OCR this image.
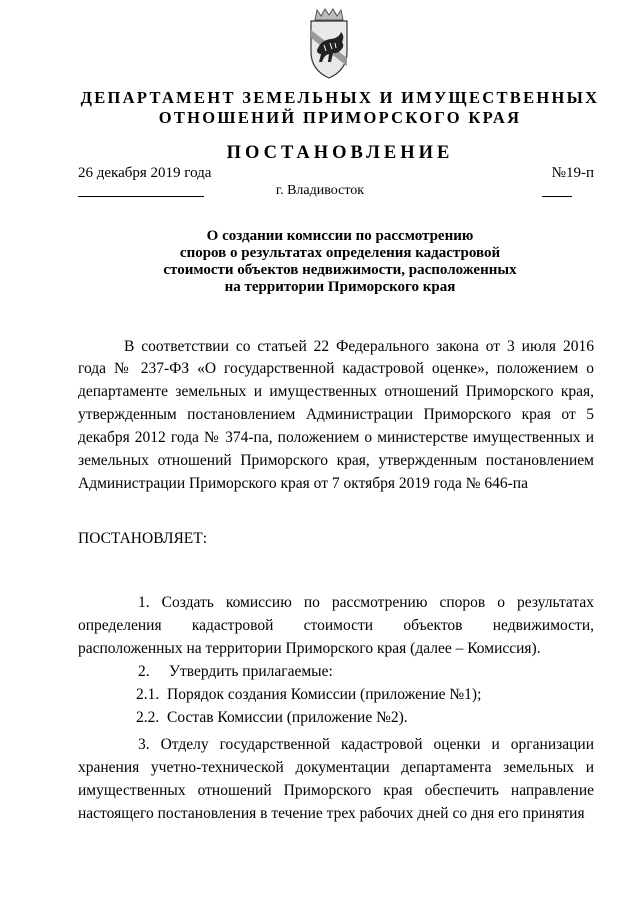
ДЕПАРТАМЕНТ ЗЕМЕЛЬНЫХ И ИМУЩЕСТВЕННЫХ
ОТНОШЕНИЙ ПРИМОРСКОГО КРАЯ
ПОСТАНОВЛЕНИЕ
26 декабря 2019 года	№19-п
г. Владивосток
О создании комиссии по рассмотрению
споров о результатах определения кадастровой
стоимости объектов недвижимости, расположенных
на территории Приморского края
В соответствии со статьей 22 Федерального закона от 3 июля 2016
года № 237-ФЗ «О государственной кадастровой оценке», положением о
департаменте земельных и имущественных отношений Приморского края,
утвержденным постановлением Администрации Приморского края от 5
декабря 2012 года № 374-па, положением о министерстве имущественных и
земельных отношений Приморского края, утвержденным постановлением
Администрации Приморского края от 7 октября 2019 года № 646-па
ПОСТАНОВЛЯЕТ:
1. Создать комиссию по рассмотрению споров о результатах
определения кадастровой стоимости объектов недвижимости,
расположенных на территории Приморского края (далее – Комиссия).
2.     Утвердить прилагаемые:
2.1.  Порядок создания Комиссии (приложение №1);
2.2.  Состав Комиссии (приложение №2).
3. Отделу государственной кадастровой оценки и организации
хранения учетно-технической документации департамента земельных и
имущественных отношений Приморского края обеспечить направление
настоящего постановления в течение трех рабочих дней со дня его принятия
